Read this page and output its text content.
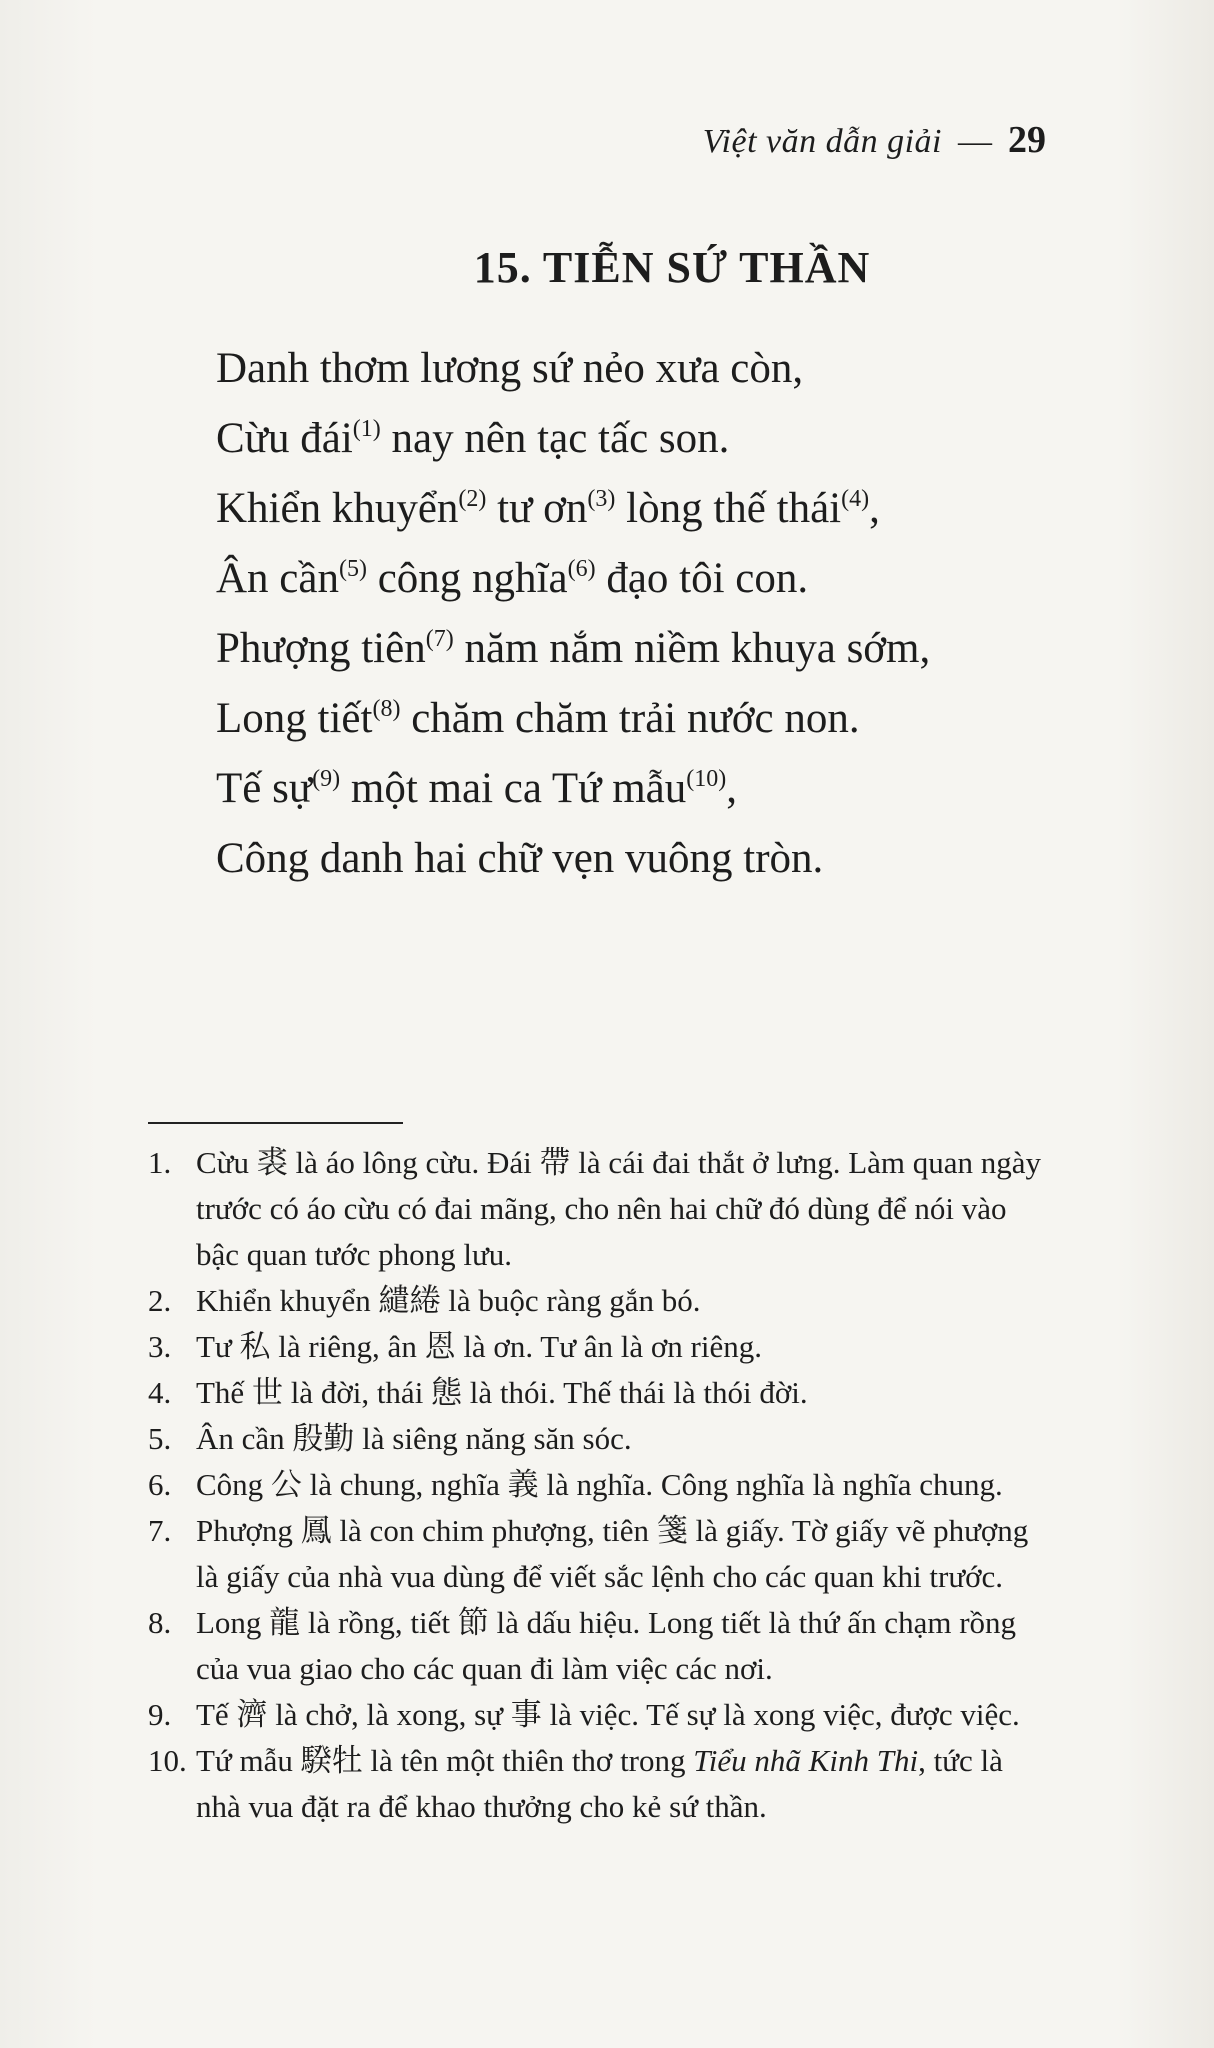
Việt văn dẫn giải — 29
15. TIỄN SỨ THẦN
Danh thơm lương sứ nẻo xưa còn,
Cừu đái$^{(1)}$ nay nên tạc tấc son.
Khiển khuyển$^{(2)}$ tư ơn$^{(3)}$ lòng thế thái$^{(4)}$,
Ân cần$^{(5)}$ công nghĩa$^{(6)}$ đạo tôi con.
Phượng tiên$^{(7)}$ năm nắm niềm khuya sớm,
Long tiết$^{(8)}$ chăm chăm trải nước non.
Tế sự$^{(9)}$ một mai ca Tứ mẫu$^{(10)}$,
Công danh hai chữ vẹn vuông tròn.
1. Cừu 裘 là áo lông cừu. Đái 帶 là cái đai thắt ở lưng. Làm quan ngày trước có áo cừu có đai mãng, cho nên hai chữ đó dùng để nói vào bậc quan tước phong lưu.
2. Khiển khuyển 繾綣 là buộc ràng gắn bó.
3. Tư 私 là riêng, ân 恩 là ơn. Tư ân là ơn riêng.
4. Thế 世 là đời, thái 態 là thói. Thế thái là thói đời.
5. Ân cần 殷勤 là siêng năng săn sóc.
6. Công 公 là chung, nghĩa 義 là nghĩa. Công nghĩa là nghĩa chung.
7. Phượng 鳳 là con chim phượng, tiên 箋 là giấy. Tờ giấy vẽ phượng là giấy của nhà vua dùng để viết sắc lệnh cho các quan khi trước.
8. Long 龍 là rồng, tiết 節 là dấu hiệu. Long tiết là thứ ấn chạm rồng của vua giao cho các quan đi làm việc các nơi.
9. Tế 濟 là chở, là xong, sự 事 là việc. Tế sự là xong việc, được việc.
10. Tứ mẫu 騤牡 là tên một thiên thơ trong Tiểu nhã Kinh Thi, tức là nhà vua đặt ra để khao thưởng cho kẻ sứ thần.
